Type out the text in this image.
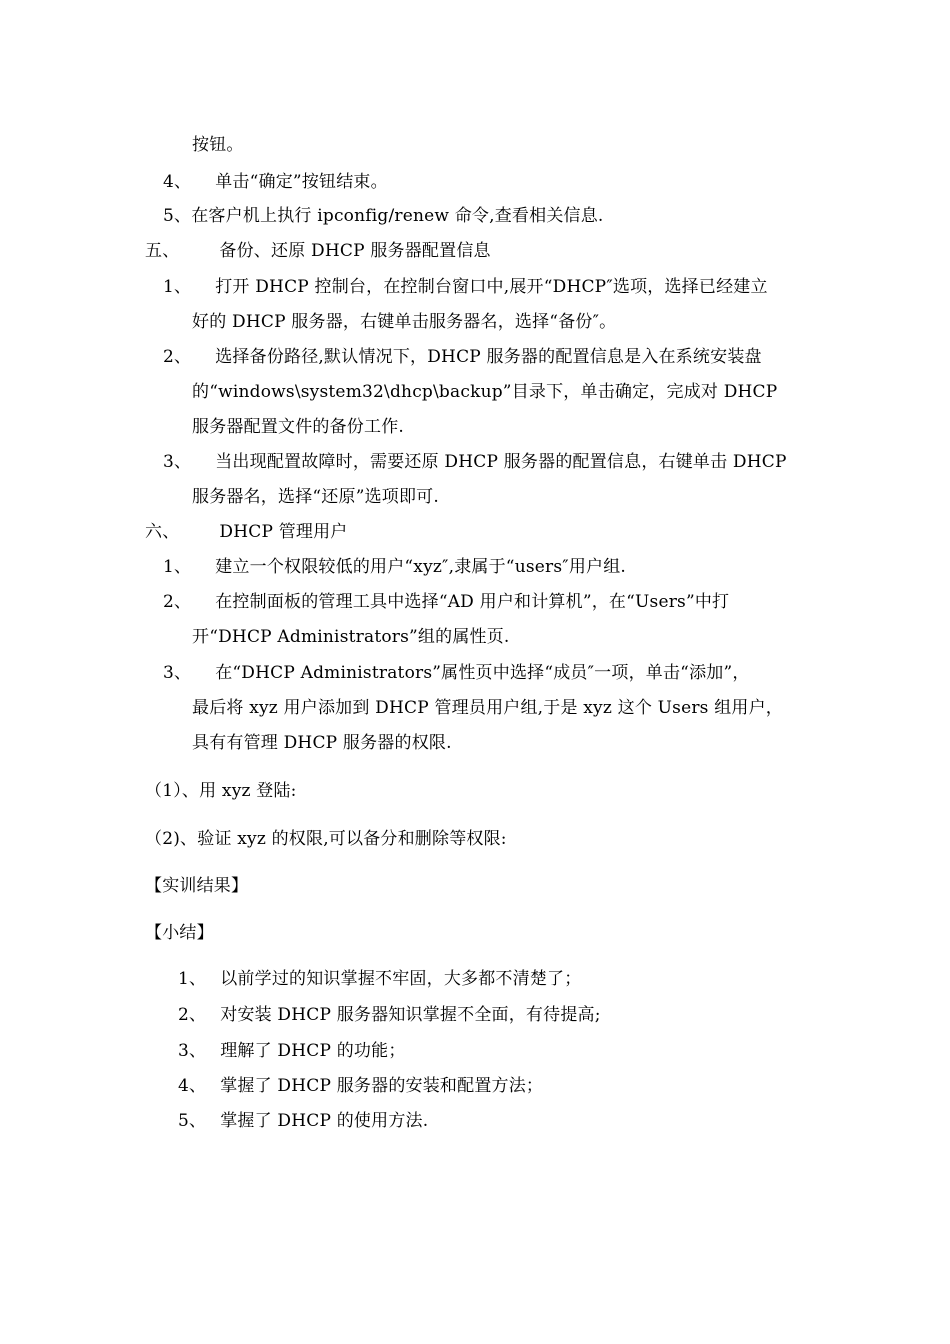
按钮。
4、 单击“确定”按钮结束。
5、在客户机上执行 ipconfig/renew 命令,查看相关信息.
五、 备份、还原 DHCP 服务器配置信息
1、 打开 DHCP 控制台，在控制台窗口中,展开“DHCP″选项，选择已经建立
好的 DHCP 服务器，右键单击服务器名，选择“备份″。
2、 选择备份路径,默认情况下，DHCP 服务器的配置信息是入在系统安装盘
的“windows\system32\dhcp\backup”目录下，单击确定，完成对 DHCP
服务器配置文件的备份工作.
3、 当出现配置故障时，需要还原 DHCP 服务器的配置信息，右键单击 DHCP
服务器名，选择“还原”选项即可.
六、 DHCP 管理用户
1、 建立一个权限较低的用户“xyz″,隶属于“users″用户组.
2、 在控制面板的管理工具中选择“AD 用户和计算机”，在“Users”中打
开“DHCP Administrators”组的属性页.
3、 在“DHCP Administrators”属性页中选择“成员″一项，单击“添加”，
最后将 xyz 用户添加到 DHCP 管理员用户组,于是 xyz 这个 Users 组用户，
具有有管理 DHCP 服务器的权限.
（1）、用 xyz 登陆:
（2)、验证 xyz 的权限,可以备分和删除等权限:
【实训结果】
【小结】
1、 以前学过的知识掌握不牢固，大多都不清楚了；
2、 对安装 DHCP 服务器知识掌握不全面，有待提高;
3、 理解了 DHCP 的功能；
4、 掌握了 DHCP 服务器的安装和配置方法；
5、 掌握了 DHCP 的使用方法.
